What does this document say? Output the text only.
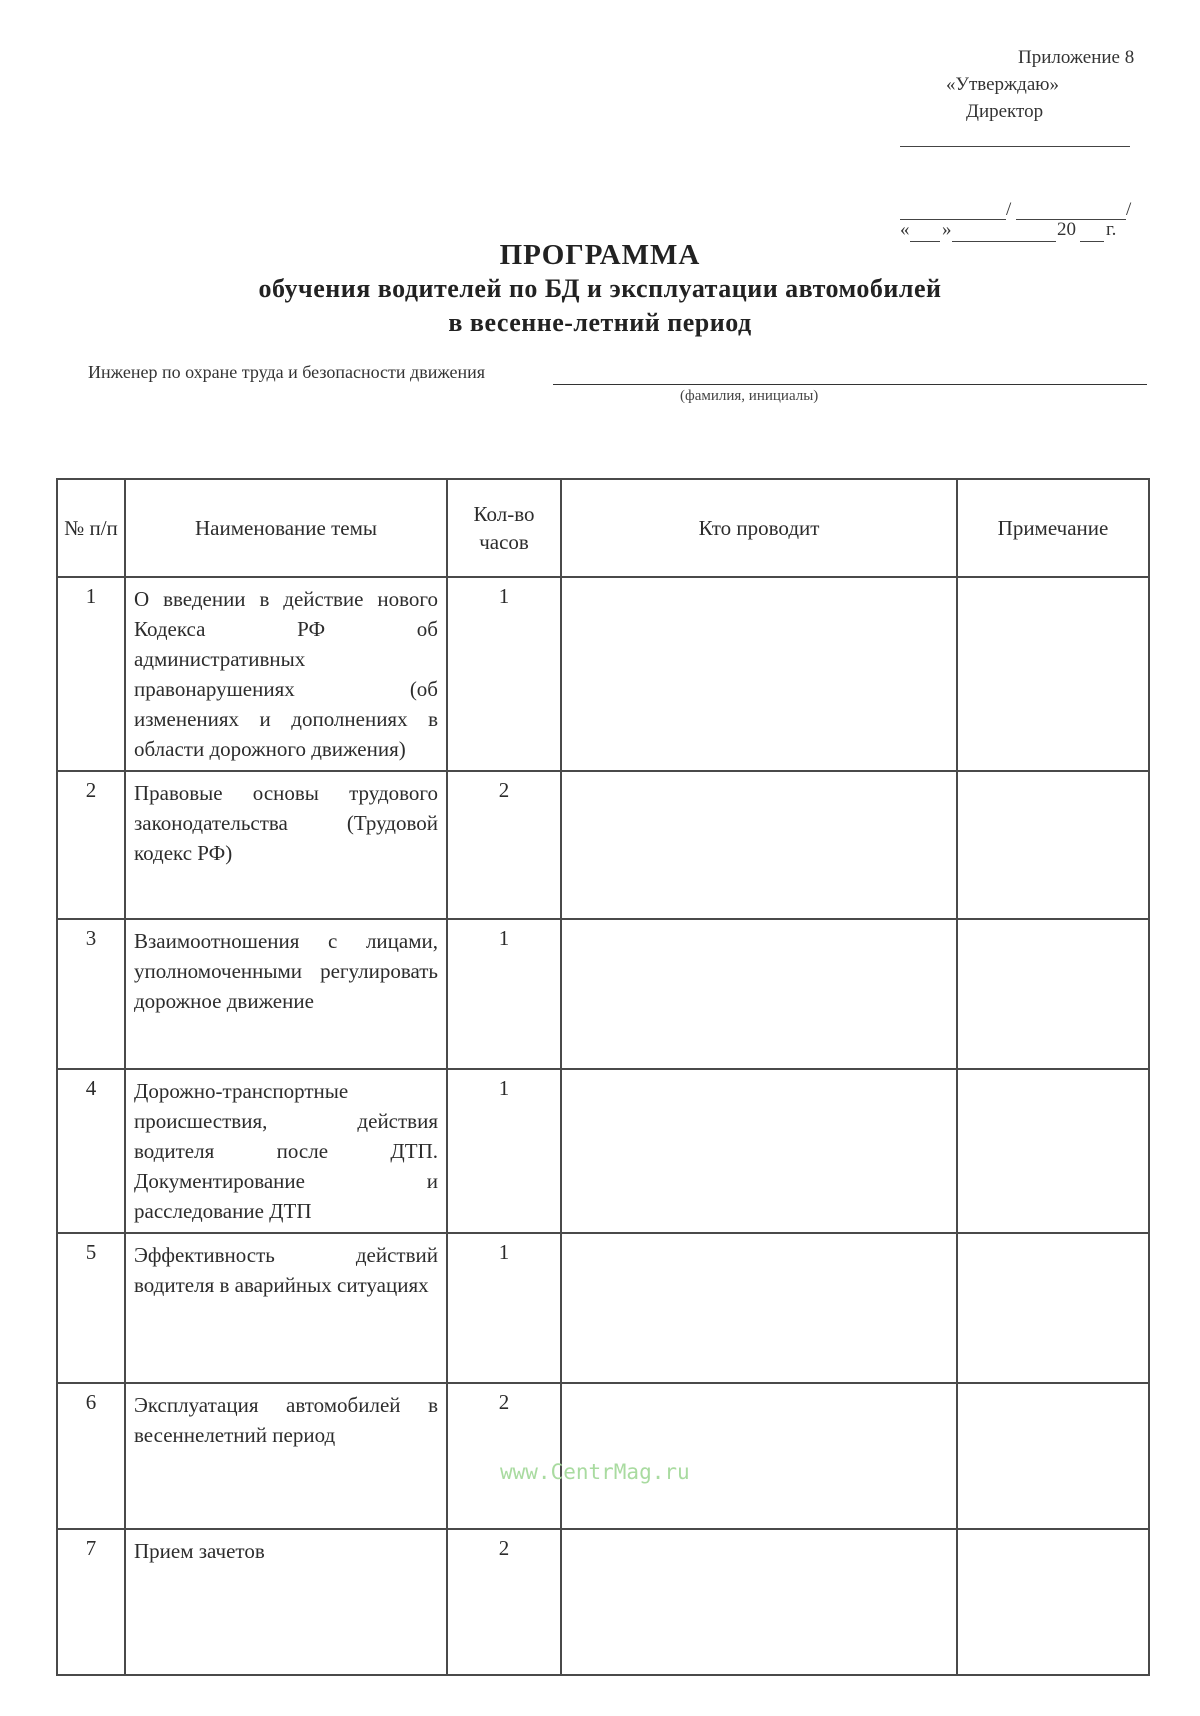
Приложение 8
«Утверждаю»
Директор
/	/
« »	20 г.
ПРОГРАММА
обучения водителей по БД и эксплуатации автомобилей
в весенне-летний период
Инженер по охране труда и безопасности движения
(фамилия, инициалы)
№ п/п	Наименование темы	Кол-во часов	Кто проводит	Примечание
1	О введении в действие нового Кодекса РФ об административных правонарушениях (об изменениях и дополнениях в области дорожного движения)	1		
2	Правовые основы трудового законодательства (Трудовой кодекс РФ)	2		
3	Взаимоотношения с лицами, уполномоченными регулировать дорожное движение	1		
4	Дорожно-транспортные происшествия, действия водителя после ДТП. Документирование и расследование ДТП	1		
5	Эффективность действий водителя в аварийных ситуациях	1		
6	Эксплуатация автомобилей в весеннелетний период	2		
7	Прием зачетов	2		
www.CentrMag.ru
